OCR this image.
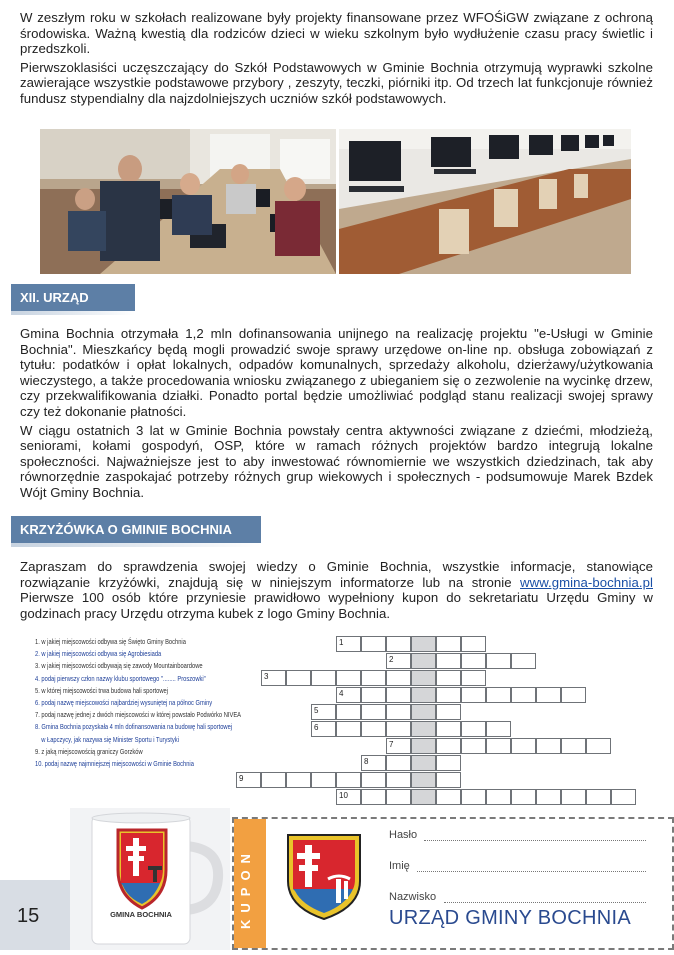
W zeszłym roku w szkołach realizowane były projekty finansowane przez WFOŚiGW związane z ochroną środowiska. Ważną kwestią dla rodziców dzieci w wieku szkolnym było wydłużenie czasu pracy świetlic i przedszkoli.

Pierwszoklasiści uczęszczający do Szkół Podstawowych w Gminie Bochnia otrzymują wyprawki szkolne zawierające wszystkie podstawowe przybory , zeszyty, teczki, piórniki itp. Od trzech lat funkcjonuje również fundusz stypendialny dla najzdolniejszych uczniów szkół podstawowych.

XII. URZĄD

Gmina Bochnia otrzymała 1,2 mln dofinansowania unijnego na realizację projektu "e-Usługi w Gminie Bochnia". Mieszkańcy będą mogli prowadzić swoje sprawy urzędowe on-line np. obsługa zobowiązań z tytułu: podatków i opłat lokalnych, odpadów komunalnych, sprzedaży alkoholu, dzierżawy/użytkowania wieczystego, a także procedowania wniosku związanego z ubieganiem się o zezwolenie na wycinkę drzew, czy przekwalifikowania działki. Ponadto portal będzie umożliwiać podgląd stanu realizacji swojej sprawy czy też dokonanie płatności.

W ciągu ostatnich 3 lat w Gminie Bochnia powstały centra aktywności związane z dziećmi, młodzieżą, seniorami, kołami gospodyń, OSP, które w ramach różnych projektów bardzo integrują lokalne społeczności. Najważniejsze jest to aby inwestować równomiernie we wszystkich dziedzinach, tak aby równorzędnie zaspokajać potrzeby różnych grup wiekowych i społecznych - podsumowuje Marek Bzdek Wójt Gminy Bochnia.

KRZYŻÓWKA O GMINIE BOCHNIA

Zapraszam do sprawdzenia swojej wiedzy o Gminie Bochnia, wszystkie informacje, stanowiące rozwiązanie krzyżówki, znajdują się w niniejszym informatorze lub na stronie www.gmina-bochnia.pl Pierwsze 100 osób które przyniesie prawidłowo wypełniony kupon do sekretariatu Urzędu Gminy w godzinach pracy Urzędu otrzyma kubek z logo Gminy Bochnia.

1. w jakiej miejscowości odbywa się Święto Gminy Bochnia
2. w jakiej miejscowości odbywa się Agrobiesiada
3. w jakiej miejscowości odbywają się zawody Mountainboardowe
4. podaj pierwszy człon nazwy klubu sportowego "........ Proszowki"
5. w której miejscowości trwa budowa hali sportowej
6. podaj nazwę miejscowości najbardziej wysuniętej na północ Gminy
7. podaj nazwę jednej z dwóch miejscowości w której powstało Podwórko NIVEA
8. Gmina Bochnia pozyskała 4 mln dofinansowania na budowę hali sportowej
w Łapczycy, jak nazywa się Minister Sportu i Turystyki
9. z jaką miejscowością graniczy Gorzków
10. podaj nazwę najmniejszej miejscowości w Gminie Bochnia
1
2
3
4
5
6
7
8
9
10
15	GMINA BOCHNIA	KUPON
Hasło
Imię
Nazwisko
URZĄD GMINY BOCHNIA
